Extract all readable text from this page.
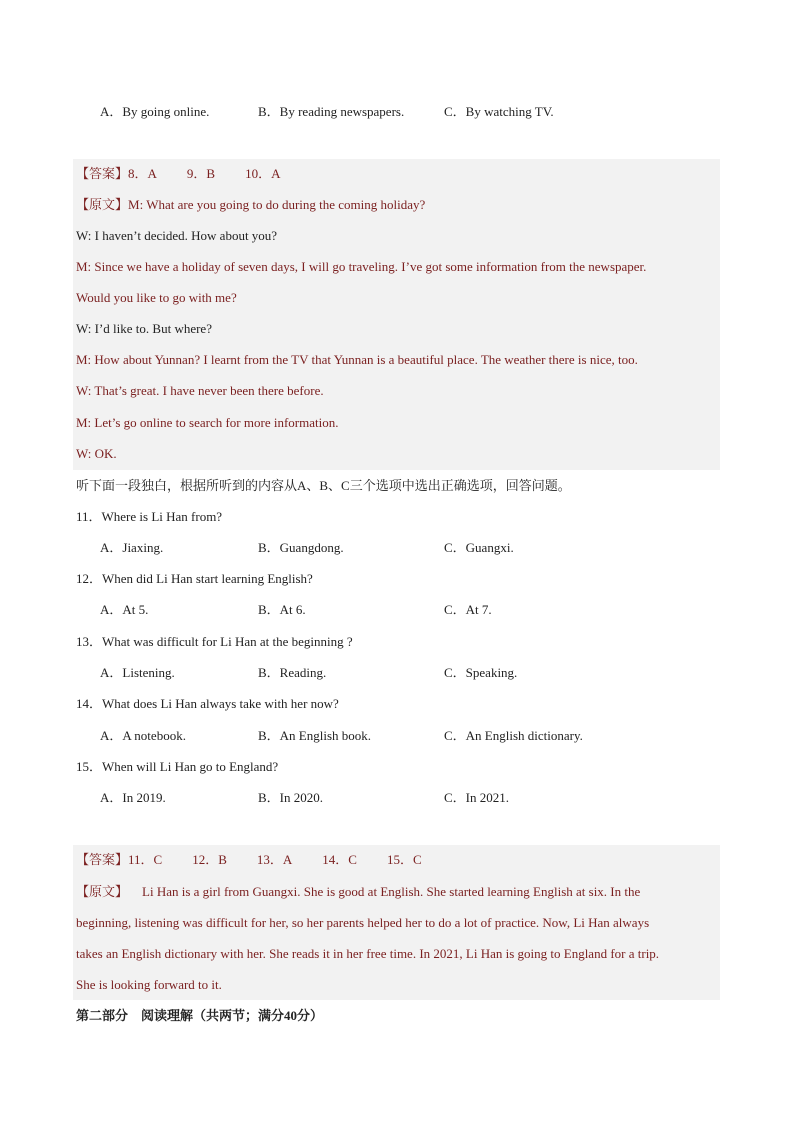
A．By going online.	B．By reading newspapers.	C．By watching TV.
【答案】8．A 9．B 10．A
【原文】M: What are you going to do during the coming holiday?
W: I haven’t decided. How about you?
M: Since we have a holiday of seven days, I will go traveling. I’ve got some information from the newspaper.
Would you like to go with me?
W: I’d like to. But where?
M: How about Yunnan? I learnt from the TV that Yunnan is a beautiful place. The weather there is nice, too.
W: That’s great. I have never been there before.
M: Let’s go online to search for more information.
W: OK.
听下面一段独白，根据所听到的内容从A、B、C三个选项中选出正确选项，回答问题。
11．Where is Li Han from?
A．Jiaxing.	B．Guangdong.	C．Guangxi.
12．When did Li Han start learning English?
A．At 5.	B．At 6.	C．At 7.
13．What was difficult for Li Han at the beginning ?
A．Listening.	B．Reading.	C．Speaking.
14．What does Li Han always take with her now?
A．A notebook.	B．An English book.	C．An English dictionary.
15．When will Li Han go to England?
A．In 2019.	B．In 2020.	C．In 2021.
【答案】11．C 12．B 13．A 14．C 15．C
【原文】 Li Han is a girl from Guangxi. She is good at English. She started learning English at six. In the
beginning, listening was difficult for her, so her parents helped her to do a lot of practice. Now, Li Han always
takes an English dictionary with her. She reads it in her free time. In 2021, Li Han is going to England for a trip.
She is looking forward to it.
第二部分　阅读理解（共两节；满分40分）
